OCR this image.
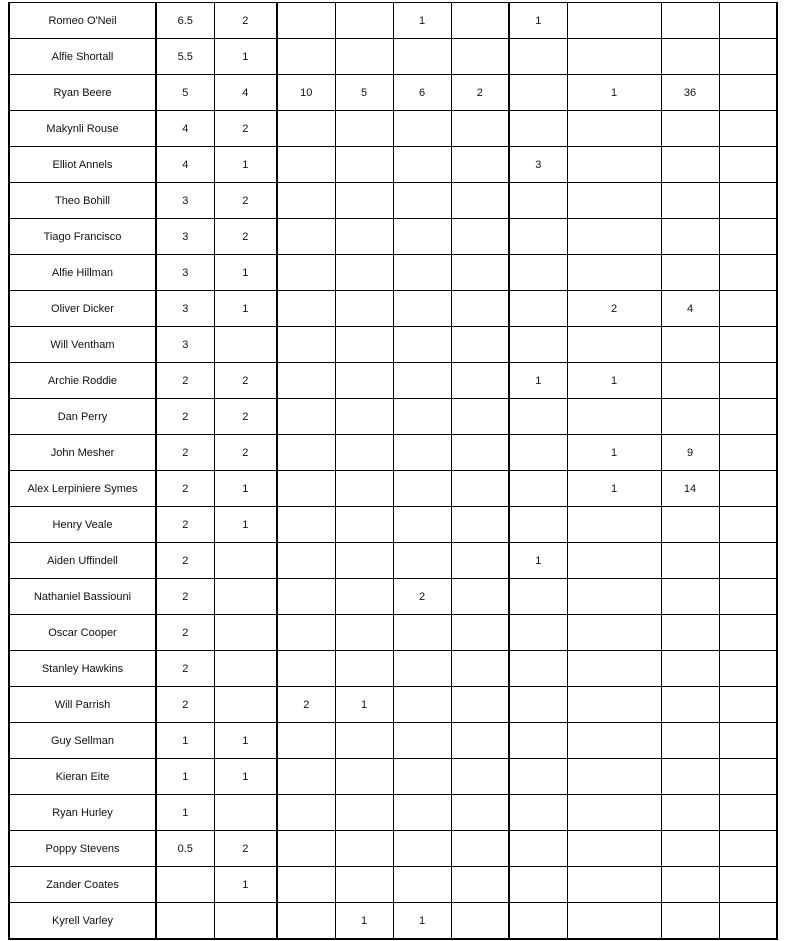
Romeo O'Neil	6.5	2			1		1			
Alfie Shortall	5.5	1								
Ryan Beere	5	4	10	5	6	2		1	36	
Makynli Rouse	4	2								
Elliot Annels	4	1					3			
Theo Bohill	3	2								
Tiago Francisco	3	2								
Alfie Hillman	3	1								
Oliver Dicker	3	1						2	4	
Will Ventham	3									
Archie Roddie	2	2					1	1		
Dan Perry	2	2								
John Mesher	2	2						1	9	
Alex Lerpiniere Symes	2	1						1	14	
Henry Veale	2	1								
Aiden Uffindell	2						1			
Nathaniel Bassiouni	2				2					
Oscar Cooper	2									
Stanley Hawkins	2									
Will Parrish	2		2	1						
Guy Sellman	1	1								
Kieran Eite	1	1								
Ryan Hurley	1									
Poppy Stevens	0.5	2								
Zander Coates		1								
Kyrell Varley				1	1					
